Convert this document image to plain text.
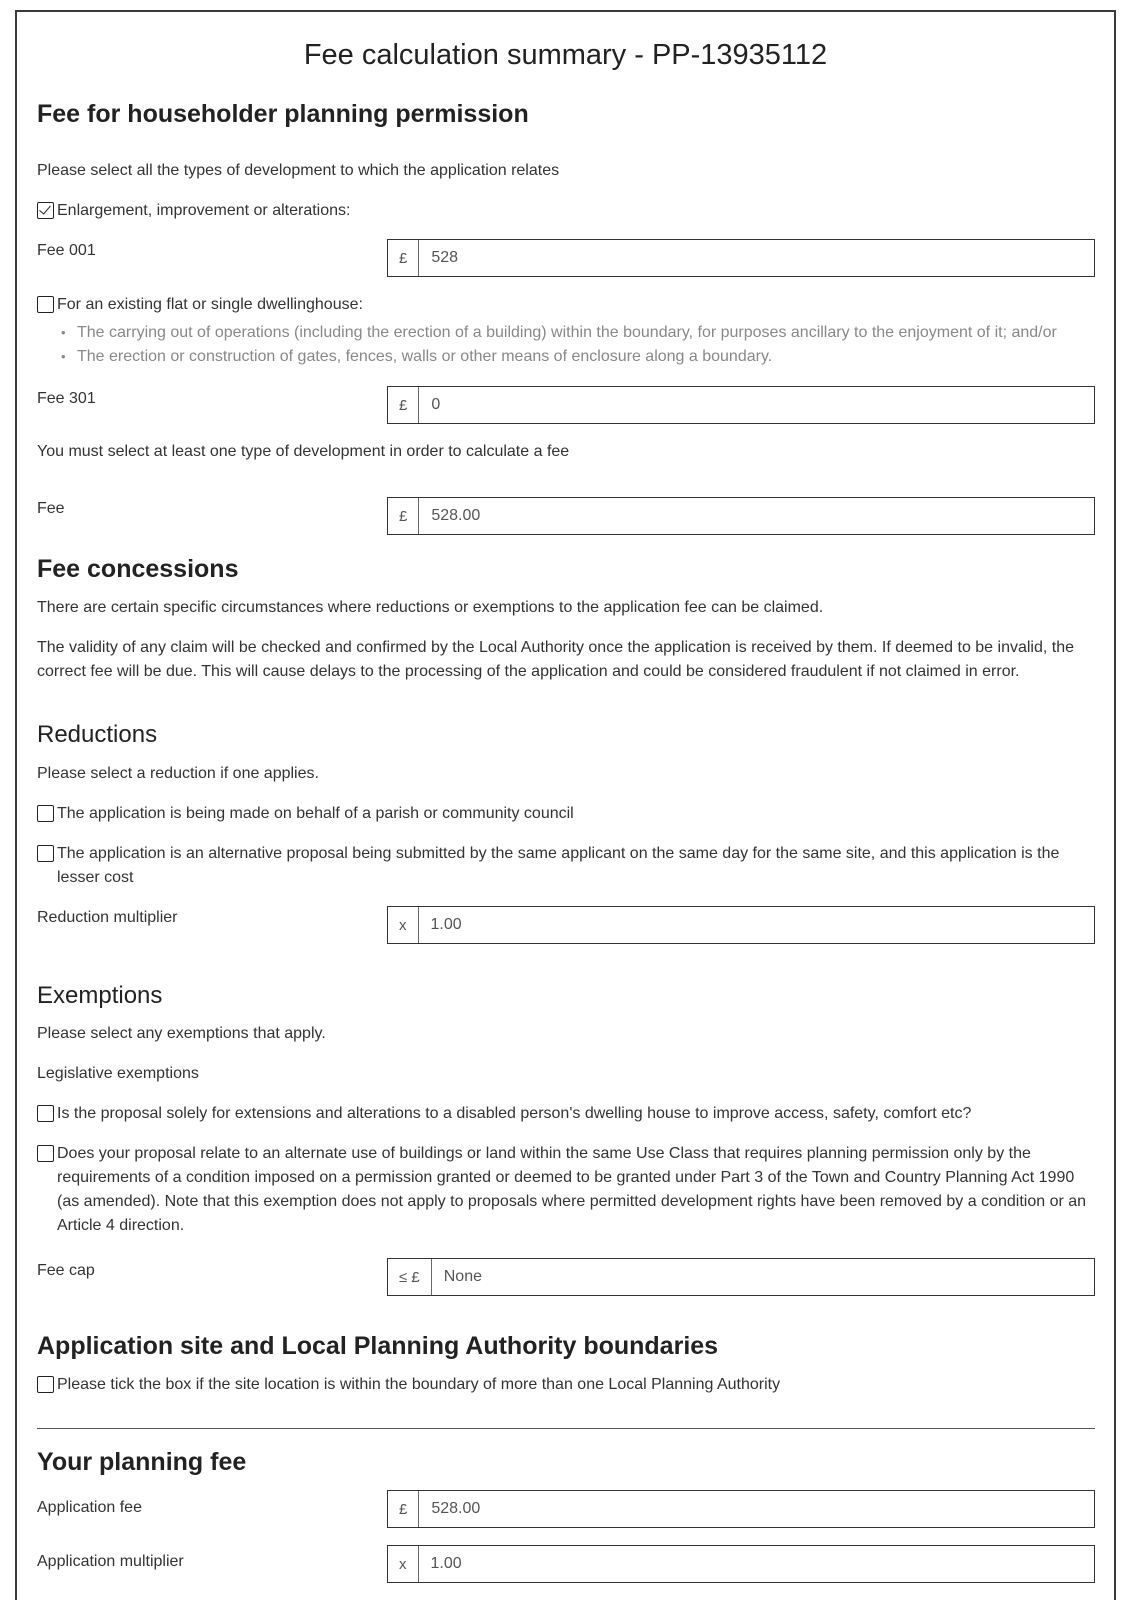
Fee calculation summary - PP-13935112
Fee for householder planning permission
Please select all the types of development to which the application relates
Enlargement, improvement or alterations:
Fee 001	£	528
For an existing flat or single dwellinghouse:
• The carrying out of operations (including the erection of a building) within the boundary, for purposes ancillary to the enjoyment of it; and/or
• The erection or construction of gates, fences, walls or other means of enclosure along a boundary.
Fee 301	£	0
You must select at least one type of development in order to calculate a fee
Fee	£	528.00
Fee concessions
There are certain specific circumstances where reductions or exemptions to the application fee can be claimed.
The validity of any claim will be checked and confirmed by the Local Authority once the application is received by them. If deemed to be invalid, the correct fee will be due. This will cause delays to the processing of the application and could be considered fraudulent if not claimed in error.
Reductions
Please select a reduction if one applies.
The application is being made on behalf of a parish or community council
The application is an alternative proposal being submitted by the same applicant on the same day for the same site, and this application is the lesser cost
Reduction multiplier	x	1.00
Exemptions
Please select any exemptions that apply.
Legislative exemptions
Is the proposal solely for extensions and alterations to a disabled person's dwelling house to improve access, safety, comfort etc?
Does your proposal relate to an alternate use of buildings or land within the same Use Class that requires planning permission only by the requirements of a condition imposed on a permission granted or deemed to be granted under Part 3 of the Town and Country Planning Act 1990 (as amended). Note that this exemption does not apply to proposals where permitted development rights have been removed by a condition or an Article 4 direction.
Fee cap	≤ £	None
Application site and Local Planning Authority boundaries
Please tick the box if the site location is within the boundary of more than one Local Planning Authority
Your planning fee
Application fee	£	528.00
Application multiplier	x	1.00
